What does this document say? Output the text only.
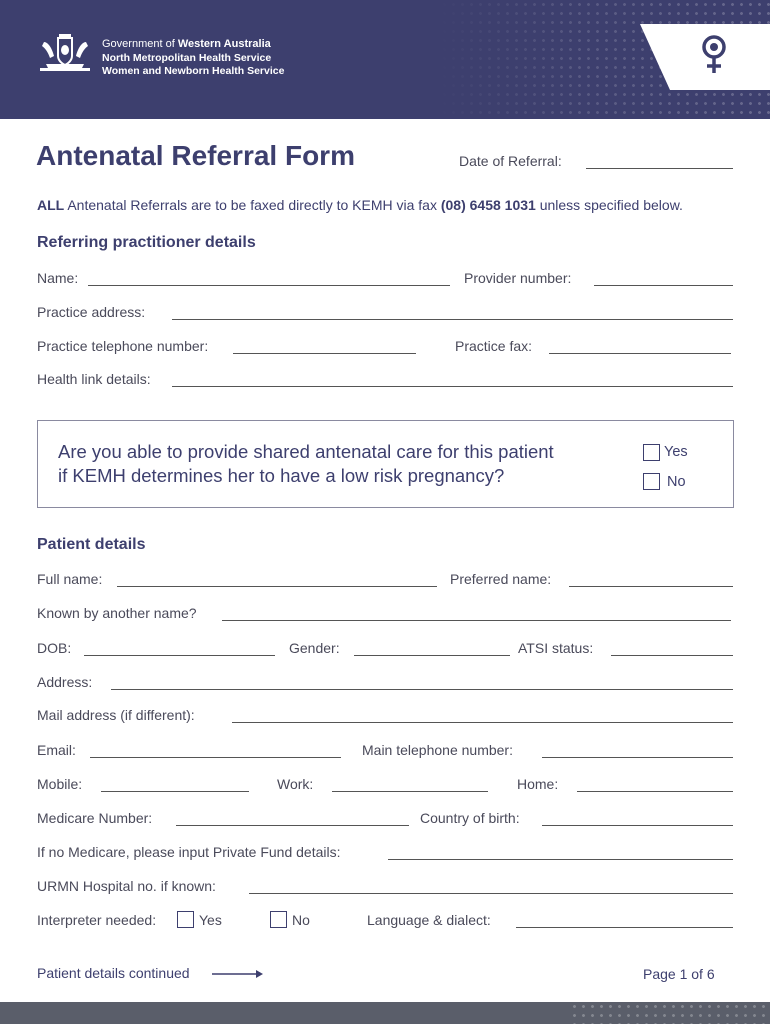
Government of Western Australia
North Metropolitan Health Service
Women and Newborn Health Service
Antenatal Referral Form	Date of Referral:
ALL Antenatal Referrals are to be faxed directly to KEMH via fax (08) 6458 1031 unless specified below.
Referring practitioner details
Name:	Provider number:
Practice address:
Practice telephone number:	Practice fax:
Health link details:
Are you able to provide shared antenatal care for this patient
if KEMH determines her to have a low risk pregnancy?
Yes
No
Patient details
Full name:	Preferred name:
Known by another name?
DOB:	Gender:	ATSI status:
Address:
Mail address (if different):
Email:	Main telephone number:
Mobile:	Work:	Home:
Medicare Number:	Country of birth:
If no Medicare, please input Private Fund details:
URMN Hospital no. if known:
Interpreter needed:	Yes	No	Language & dialect:
Patient details continued	Page 1 of 6
